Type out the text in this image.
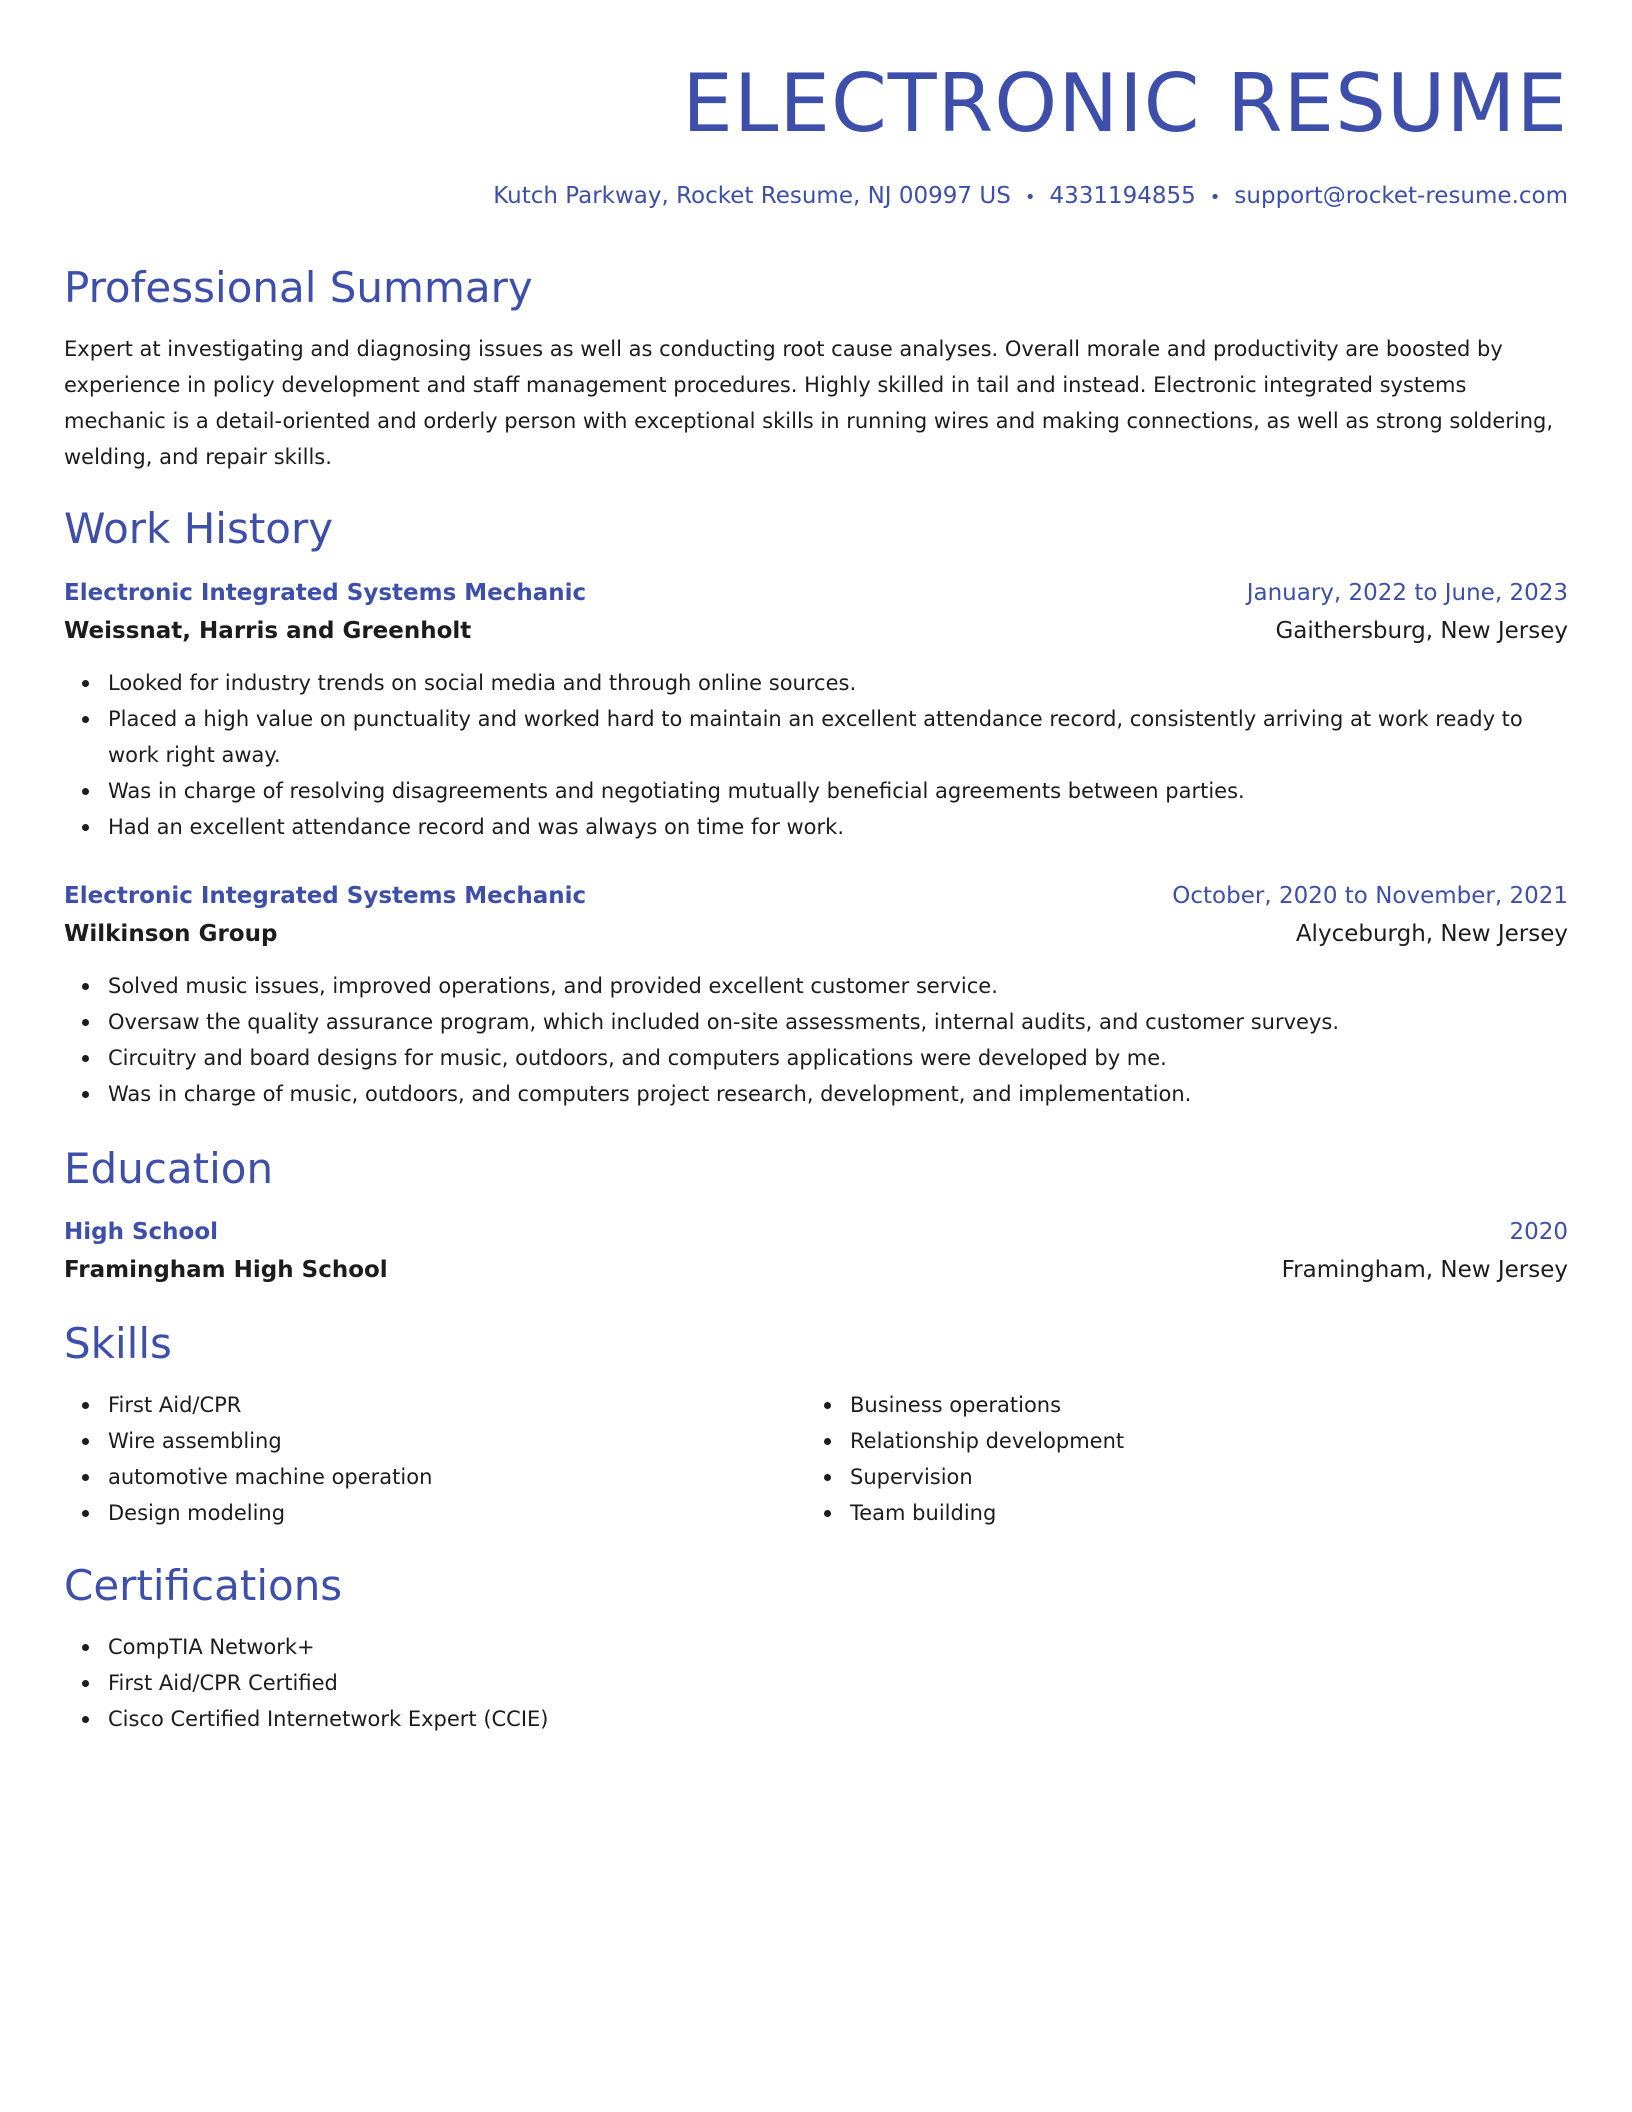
ELECTRONIC RESUME
Kutch Parkway, Rocket Resume, NJ 00997 US • 4331194855 • support@rocket-resume.com
Professional Summary

Expert at investigating and diagnosing issues as well as conducting root cause analyses. Overall morale and productivity are boosted by experience in policy development and staff management procedures. Highly skilled in tail and instead. Electronic integrated systems mechanic is a detail-oriented and orderly person with exceptional skills in running wires and making connections, as well as strong soldering, welding, and repair skills.

Work History
Electronic Integrated Systems Mechanic	January, 2022 to June, 2023
Weissnat, Harris and Greenholt	Gaithersburg, New Jersey
Looked for industry trends on social media and through online sources.
Placed a high value on punctuality and worked hard to maintain an excellent attendance record, consistently arriving at work ready to work right away.
Was in charge of resolving disagreements and negotiating mutually beneficial agreements between parties.
Had an excellent attendance record and was always on time for work.
Electronic Integrated Systems Mechanic	October, 2020 to November, 2021
Wilkinson Group	Alyceburgh, New Jersey
Solved music issues, improved operations, and provided excellent customer service.
Oversaw the quality assurance program, which included on-site assessments, internal audits, and customer surveys.
Circuitry and board designs for music, outdoors, and computers applications were developed by me.
Was in charge of music, outdoors, and computers project research, development, and implementation.
Education
High School	2020
Framingham High School	Framingham, New Jersey
Skills
First Aid/CPR
Wire assembling
automotive machine operation
Design modeling
Business operations
Relationship development
Supervision
Team building
Certifications
CompTIA Network+
First Aid/CPR Certified
Cisco Certified Internetwork Expert (CCIE)
